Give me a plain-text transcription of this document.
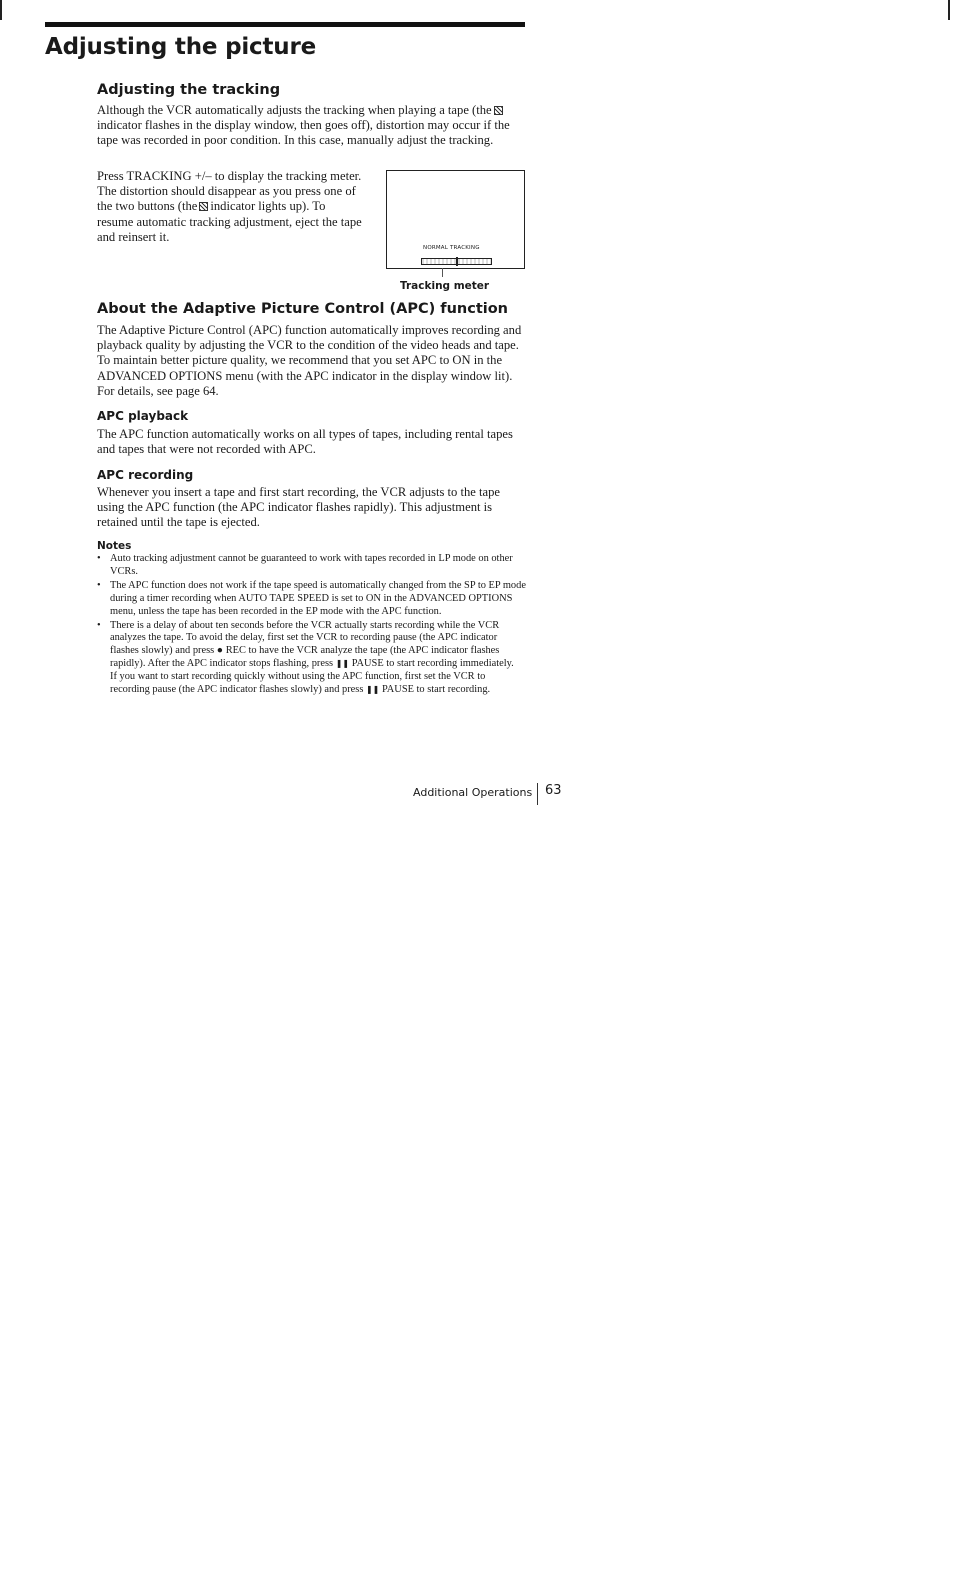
Adjusting the picture
Adjusting the tracking

Although the VCR automatically adjusts the tracking when playing a tape (theindicator flashes in the display window, then goes off), distortion may occur if the tape was recorded in poor condition. In this case, manually adjust the tracking.

Press TRACKING +/– to display the tracking meter. The distortion should disappear as you press one of the two buttons (the indicator lights up). To resume automatic tracking adjustment, eject the tape and reinsert it.

NORMAL TRACKING
Tracking meter
About the Adaptive Picture Control (APC) function

The Adaptive Picture Control (APC) function automatically improves recording and playback quality by adjusting the VCR to the condition of the video heads and tape. To maintain better picture quality, we recommend that you set APC to ON in the ADVANCED OPTIONS menu (with the APC indicator in the display window lit). For details, see page 64.

APC playback

The APC function automatically works on all types of tapes, including rental tapes and tapes that were not recorded with APC.

APC recording

Whenever you insert a tape and first start recording, the VCR adjusts to the tape using the APC function (the APC indicator flashes rapidly). This adjustment is retained until the tape is ejected.

Notes
• Auto tracking adjustment cannot be guaranteed to work with tapes recorded in LP mode on other VCRs.
• The APC function does not work if the tape speed is automatically changed from the SP to EP mode during a timer recording when AUTO TAPE SPEED is set to ON in the ADVANCED OPTIONS menu, unless the tape has been recorded in the EP mode with the APC function.
• There is a delay of about ten seconds before the VCR actually starts recording while the VCR analyzes the tape. To avoid the delay, first set the VCR to recording pause (the APC indicator flashes slowly) and press ● REC to have the VCR analyze the tape (the APC indicator flashes rapidly). After the APC indicator stops flashing, press ❚❚ PAUSE to start recording immediately.
If you want to start recording quickly without using the APC function, first set the VCR to recording pause (the APC indicator flashes slowly) and press ❚❚ PAUSE to start recording.
Additional Operations 63
